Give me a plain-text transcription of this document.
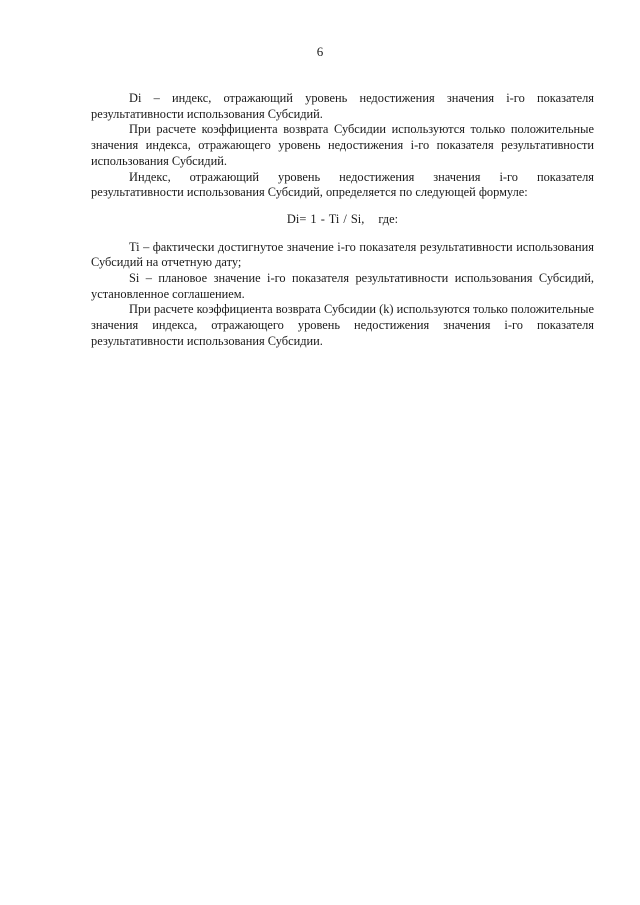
6

Di – индекс, отражающий уровень недостижения значения i-го показателя результативности использования Субсидий.

При расчете коэффициента возврата Субсидии используются только положительные значения индекса, отражающего уровень недостижения i-го показателя результативности использования Субсидий.

Индекс, отражающий уровень недостижения значения i-го показателя результативности использования Субсидий, определяется по следующей формуле:

Di= 1 - Ti / Si, где:

Ti – фактически достигнутое значение i-го показателя результативности использования Субсидий на отчетную дату;

Si – плановое значение i-го показателя результативности использования Субсидий, установленное соглашением.

При расчете коэффициента возврата Субсидии (k) используются только положительные значения индекса, отражающего уровень недостижения значения i-го показателя результативности использования Субсидии.
